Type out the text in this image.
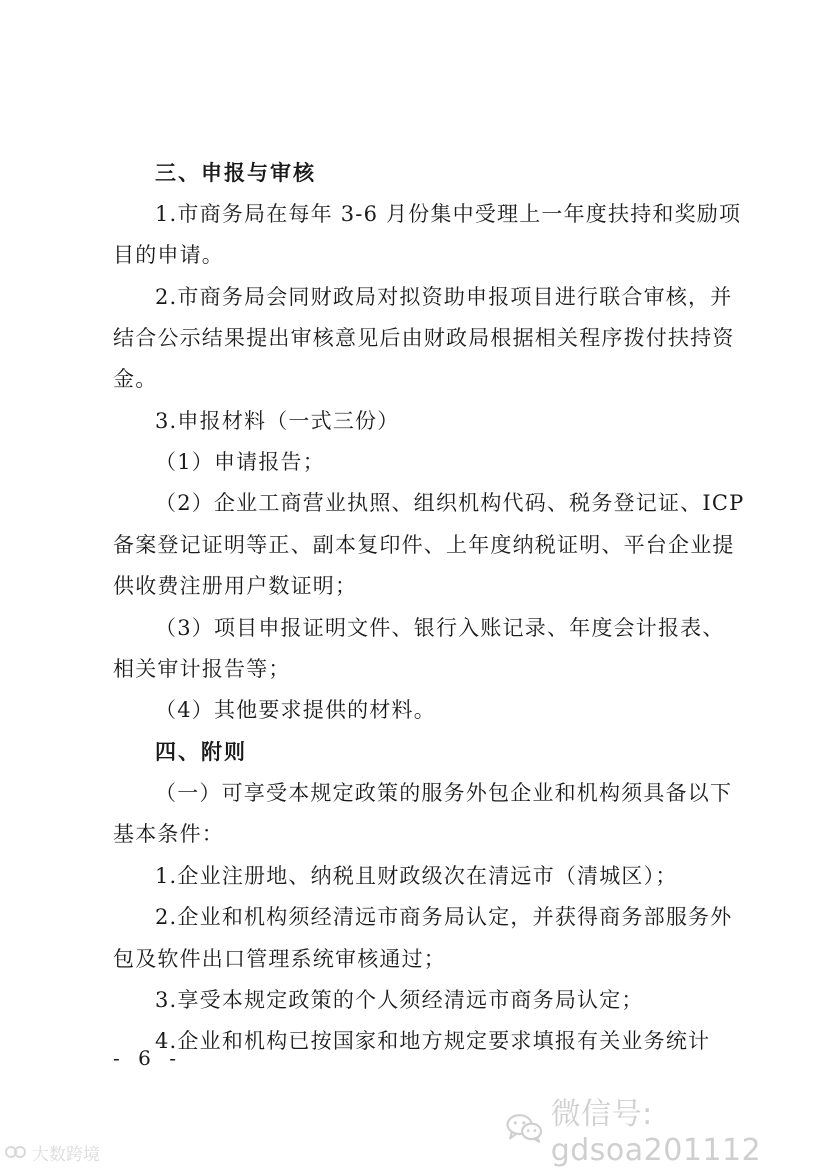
三、申报与审核
1.市商务局在每年 3-6 月份集中受理上一年度扶持和奖励项
目的申请。
2.市商务局会同财政局对拟资助申报项目进行联合审核，并
结合公示结果提出审核意见后由财政局根据相关程序拨付扶持资
金。
3.申报材料（一式三份）
（1）申请报告；
（2）企业工商营业执照、组织机构代码、税务登记证、ICP
备案登记证明等正、副本复印件、上年度纳税证明、平台企业提
供收费注册用户数证明；
（3）项目申报证明文件、银行入账记录、年度会计报表、
相关审计报告等；
（4）其他要求提供的材料。
四、附则
（一）可享受本规定政策的服务外包企业和机构须具备以下
基本条件：
1.企业注册地、纳税且财政级次在清远市（清城区）；
2.企业和机构须经清远市商务局认定，并获得商务部服务外
包及软件出口管理系统审核通过；
3.享受本规定政策的个人须经清远市商务局认定；
4.企业和机构已按国家和地方规定要求填报有关业务统计
- 6 -
微信号: gdsoa201112
大数跨境
